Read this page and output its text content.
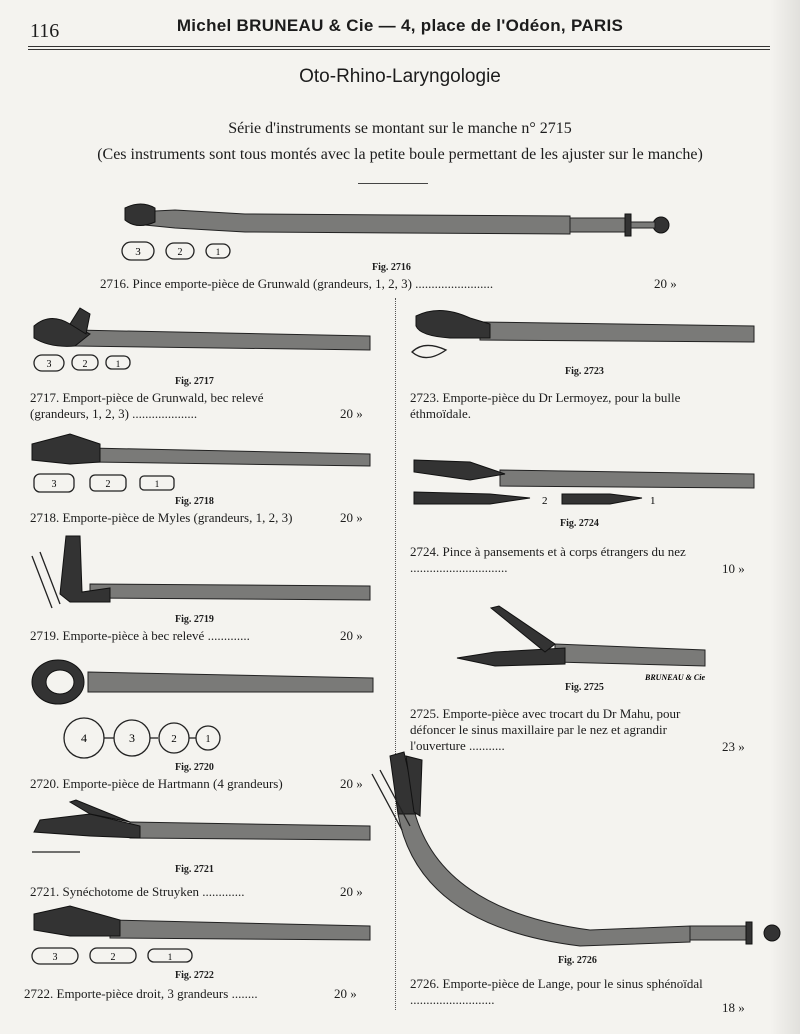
116	Michel BRUNEAU & Cie — 4, place de l'Odéon, PARIS
Oto-Rhino-Laryngologie
Série d'instruments se montant sur le manche n° 2715
(Ces instruments sont tous montés avec la petite boule permettant de les ajuster sur le manche)
3	2	1
Fig. 2716
2716. Pince emporte-pièce de Grunwald (grandeurs, 1, 2, 3) ........................	20 »
3	2	1
Fig. 2717
2717. Emport-pièce de Grunwald, bec relevé (grandeurs, 1, 2, 3) ....................	20 »
3	2	1
Fig. 2718
2718. Emporte-pièce de Myles (grandeurs, 1, 2, 3)	20 »
Fig. 2719
2719. Emporte-pièce à bec relevé .............	20 »
4	3	2	1
Fig. 2720
2720. Emporte-pièce de Hartmann (4 grandeurs)	20 »
Fig. 2721
2721. Synéchotome de Struyken .............	20 »
3	2	1
Fig. 2722
2722. Emporte-pièce droit, 3 grandeurs ........	20 »
Fig. 2723
2723. Emporte-pièce du Dr Lermoyez, pour la bulle éthmoïdale.
2	1
Fig. 2724
2724. Pince à pansements et à corps étrangers du nez ..............................	10 »
BRUNEAU & Cie
Fig. 2725
2725. Emporte-pièce avec trocart du Dr Mahu, pour défoncer le sinus maxillaire par le nez et agrandir l'ouverture ...........	23 »
Fig. 2726
2726. Emporte-pièce de Lange, pour le sinus sphénoïdal ..........................
18 »
